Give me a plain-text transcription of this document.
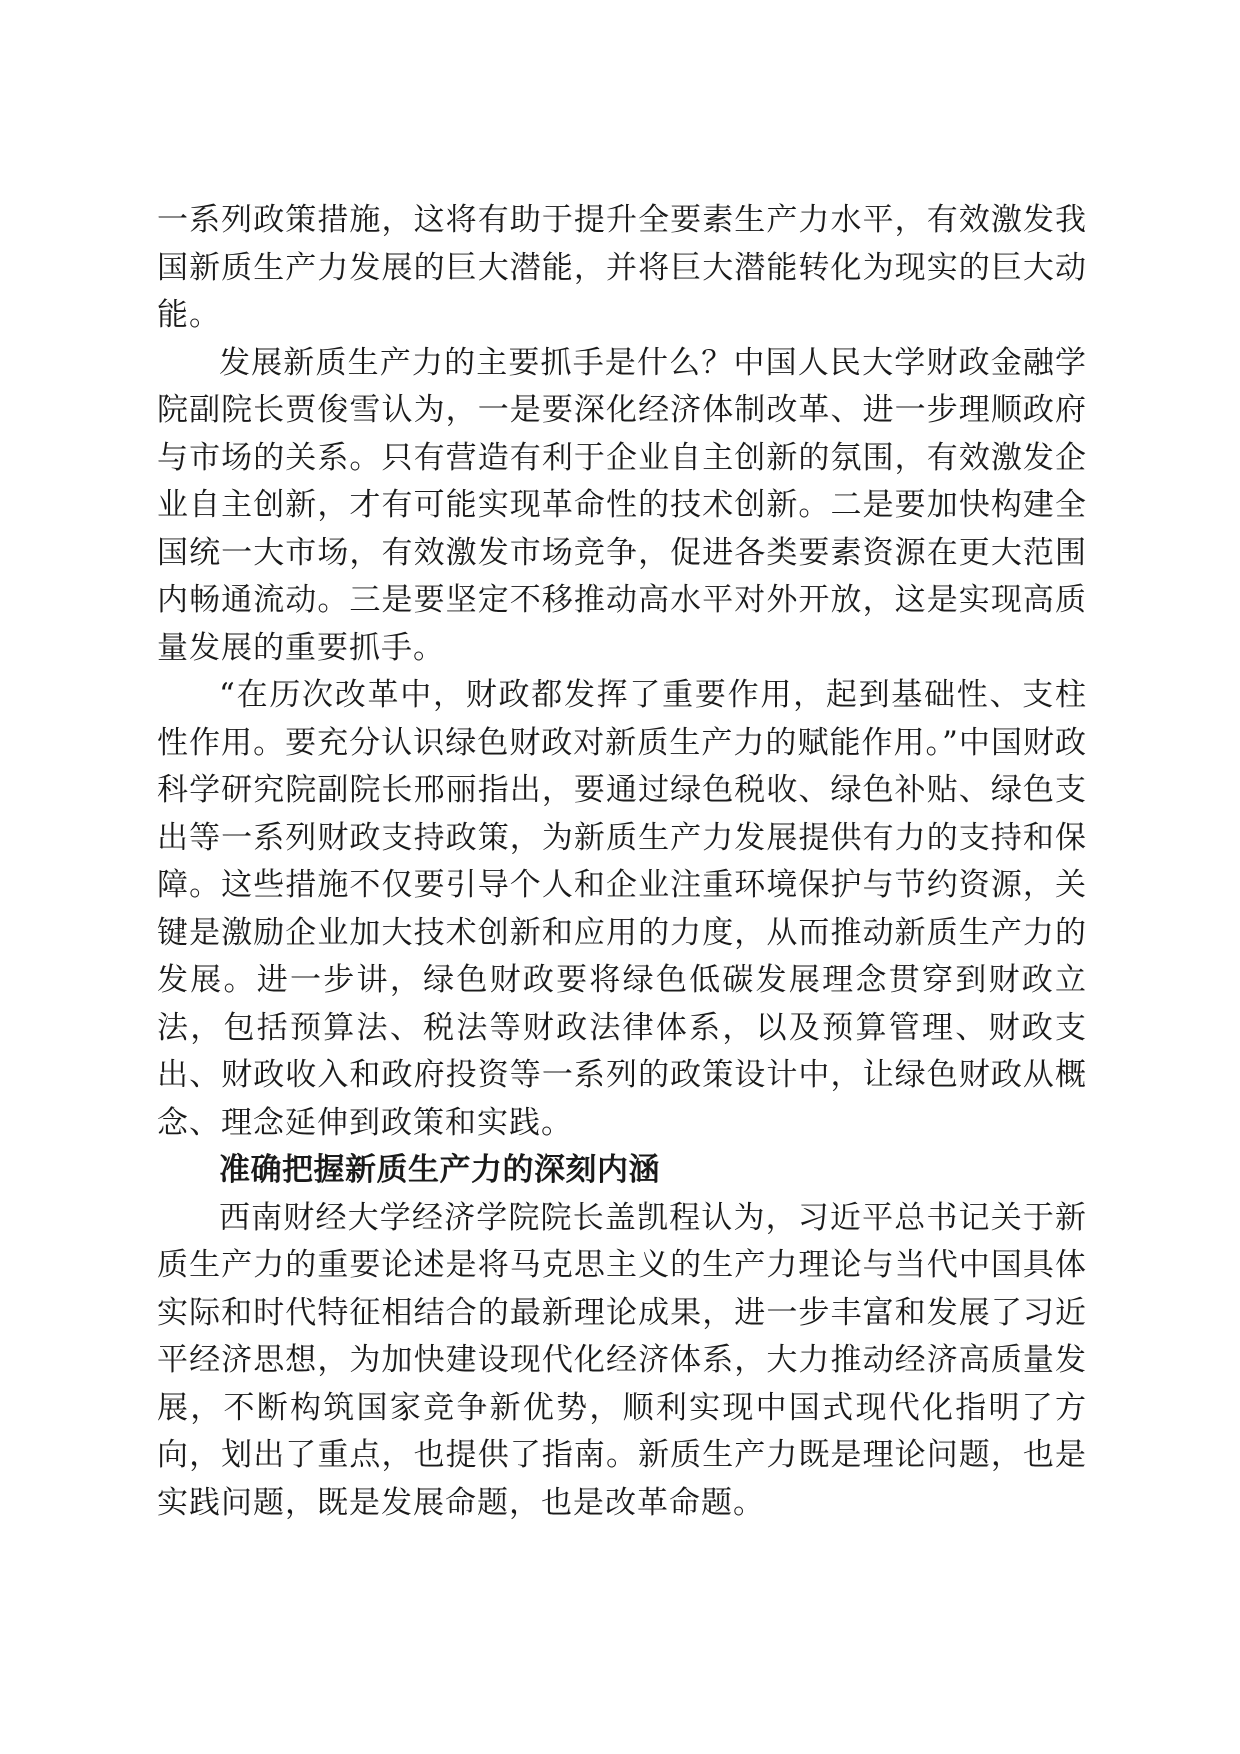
一系列政策措施，这将有助于提升全要素生产力水平，有效激发我国新质生产力发展的巨大潜能，并将巨大潜能转化为现实的巨大动能。

发展新质生产力的主要抓手是什么？中国人民大学财政金融学院副院长贾俊雪认为，一是要深化经济体制改革、进一步理顺政府与市场的关系。只有营造有利于企业自主创新的氛围，有效激发企业自主创新，才有可能实现革命性的技术创新。二是要加快构建全国统一大市场，有效激发市场竞争，促进各类要素资源在更大范围内畅通流动。三是要坚定不移推动高水平对外开放，这是实现高质量发展的重要抓手。

“在历次改革中，财政都发挥了重要作用，起到基础性、支柱性作用。要充分认识绿色财政对新质生产力的赋能作用。”中国财政科学研究院副院长邢丽指出，要通过绿色税收、绿色补贴、绿色支出等一系列财政支持政策，为新质生产力发展提供有力的支持和保障。这些措施不仅要引导个人和企业注重环境保护与节约资源，关键是激励企业加大技术创新和应用的力度，从而推动新质生产力的发展。进一步讲，绿色财政要将绿色低碳发展理念贯穿到财政立法，包括预算法、税法等财政法律体系，以及预算管理、财政支出、财政收入和政府投资等一系列的政策设计中，让绿色财政从概念、理念延伸到政策和实践。

准确把握新质生产力的深刻内涵

西南财经大学经济学院院长盖凯程认为，习近平总书记关于新质生产力的重要论述是将马克思主义的生产力理论与当代中国具体实际和时代特征相结合的最新理论成果，进一步丰富和发展了习近平经济思想，为加快建设现代化经济体系，大力推动经济高质量发展，不断构筑国家竞争新优势，顺利实现中国式现代化指明了方向，划出了重点，也提供了指南。新质生产力既是理论问题，也是实践问题，既是发展命题，也是改革命题。
